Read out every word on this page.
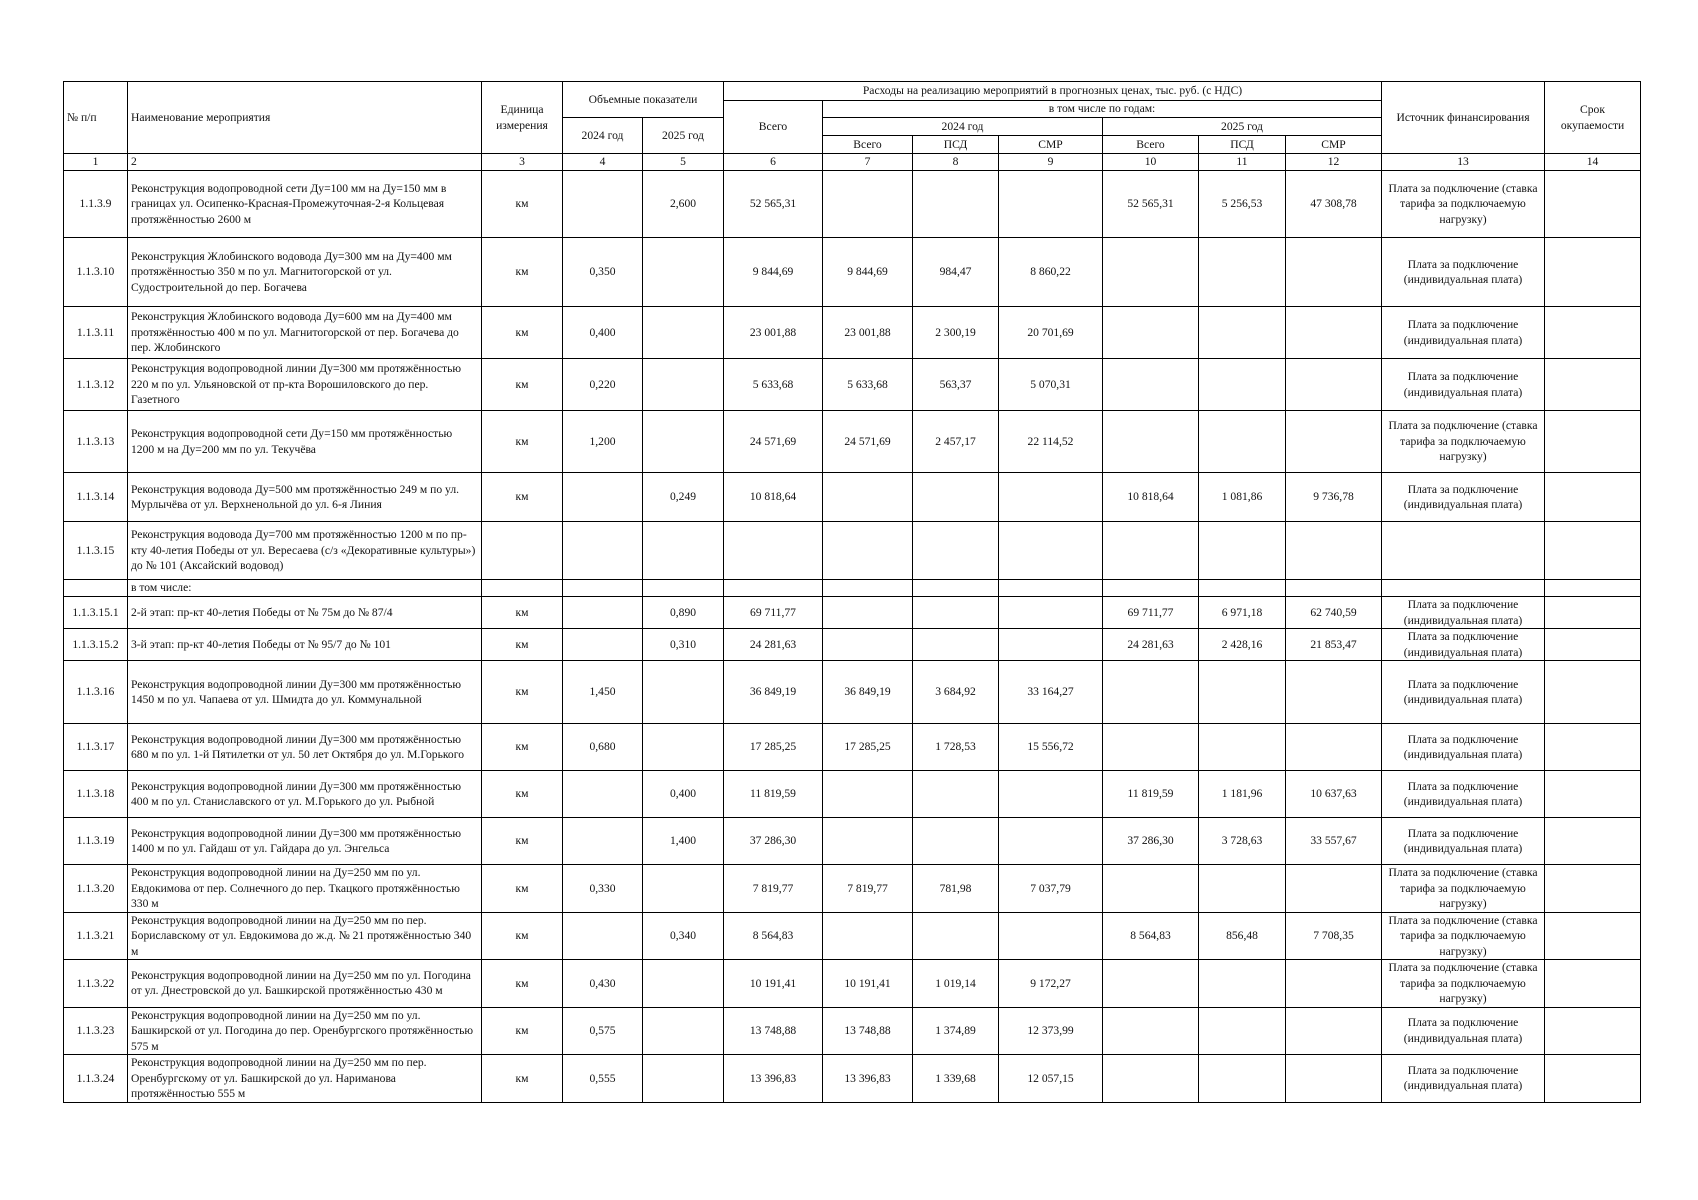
№ п/п	Наименование мероприятия	Единица измерения	Объемные показатели		Расходы на реализацию мероприятий в прогнозных ценах, тыс. руб. (с НДС)							Источник финансирования	Срок окупаемости
					Всего	в том числе по годам:							
			2024 год	2025 год		2024 год			2025 год				
						Всего	ПСД	СМР	Всего	ПСД	СМР		
1	2	3	4	5	6	7	8	9	10	11	12	13	14
1.1.3.9	Реконструкция водопроводной сети Ду=100 мм на Ду=150 мм в границах ул. Осипенко-Красная-Промежуточная-2-я Кольцевая протяжённостью 2600 м	км		2,600	52 565,31				52 565,31	5 256,53	47 308,78	Плата за подключение (ставка тарифа за подключаемую нагрузку)	
1.1.3.10	Реконструкция Жлобинского водовода Ду=300 мм на Ду=400 мм протяжённостью 350 м по ул. Магнитогорской от ул. Судостроительной до пер. Богачева	км	0,350		9 844,69	9 844,69	984,47	8 860,22				Плата за подключение (индивидуальная плата)	
1.1.3.11	Реконструкция Жлобинского водовода Ду=600 мм на Ду=400 мм протяжённостью 400 м по ул. Магнитогорской от пер. Богачева до пер. Жлобинского	км	0,400		23 001,88	23 001,88	2 300,19	20 701,69				Плата за подключение (индивидуальная плата)	
1.1.3.12	Реконструкция водопроводной линии Ду=300 мм протяжённостью 220 м по ул. Ульяновской от пр-кта Ворошиловского до пер. Газетного	км	0,220		5 633,68	5 633,68	563,37	5 070,31				Плата за подключение (индивидуальная плата)	
1.1.3.13	Реконструкция водопроводной сети Ду=150 мм протяжённостью 1200 м на Ду=200 мм по ул. Текучёва	км	1,200		24 571,69	24 571,69	2 457,17	22 114,52				Плата за подключение (ставка тарифа за подключаемую нагрузку)	
1.1.3.14	Реконструкция водовода Ду=500 мм протяжённостью 249 м по ул. Мурлычёва от ул. Верхненольной до ул. 6-я Линия	км		0,249	10 818,64				10 818,64	1 081,86	9 736,78	Плата за подключение (индивидуальная плата)	
1.1.3.15	Реконструкция водовода Ду=700 мм протяжённостью 1200 м по пр-кту 40-летия Победы от ул. Вересаева (с/з «Декоративные культуры») до № 101 (Аксайский водовод)												
	в том числе:												
1.1.3.15.1	2-й этап: пр-кт 40-летия Победы от № 75м до № 87/4	км		0,890	69 711,77				69 711,77	6 971,18	62 740,59	Плата за подключение (индивидуальная плата)	
1.1.3.15.2	3-й этап: пр-кт 40-летия Победы от № 95/7 до № 101	км		0,310	24 281,63				24 281,63	2 428,16	21 853,47	Плата за подключение (индивидуальная плата)	
1.1.3.16	Реконструкция водопроводной линии Ду=300 мм протяжённостью 1450 м по ул. Чапаева от ул. Шмидта до ул. Коммунальной	км	1,450		36 849,19	36 849,19	3 684,92	33 164,27				Плата за подключение (индивидуальная плата)	
1.1.3.17	Реконструкция водопроводной линии Ду=300 мм протяжённостью 680 м по ул. 1-й Пятилетки от ул. 50 лет Октября до ул. М.Горького	км	0,680		17 285,25	17 285,25	1 728,53	15 556,72				Плата за подключение (индивидуальная плата)	
1.1.3.18	Реконструкция водопроводной линии Ду=300 мм протяжённостью 400 м по ул. Станиславского от ул. М.Горького до ул. Рыбной	км		0,400	11 819,59				11 819,59	1 181,96	10 637,63	Плата за подключение (индивидуальная плата)	
1.1.3.19	Реконструкция водопроводной линии Ду=300 мм протяжённостью 1400 м по ул. Гайдаш от ул. Гайдара до ул. Энгельса	км		1,400	37 286,30				37 286,30	3 728,63	33 557,67	Плата за подключение (индивидуальная плата)	
1.1.3.20	Реконструкция водопроводной линии на Ду=250 мм по ул. Евдокимова от пер. Солнечного до пер. Ткацкого протяжённостью 330 м	км	0,330		7 819,77	7 819,77	781,98	7 037,79				Плата за подключение (ставка тарифа за подключаемую нагрузку)	
1.1.3.21	Реконструкция водопроводной линии на Ду=250 мм по пер. Бориславскому от ул. Евдокимова до ж.д. № 21 протяжённостью 340 м	км		0,340	8 564,83				8 564,83	856,48	7 708,35	Плата за подключение (ставка тарифа за подключаемую нагрузку)	
1.1.3.22	Реконструкция водопроводной линии на Ду=250 мм по ул. Погодина от ул. Днестровской до ул. Башкирской протяжённостью 430 м	км	0,430		10 191,41	10 191,41	1 019,14	9 172,27				Плата за подключение (ставка тарифа за подключаемую нагрузку)	
1.1.3.23	Реконструкция водопроводной линии на Ду=250 мм по ул. Башкирской от ул. Погодина до пер. Оренбургского протяжённостью 575 м	км	0,575		13 748,88	13 748,88	1 374,89	12 373,99				Плата за подключение (индивидуальная плата)	
1.1.3.24	Реконструкция водопроводной линии на Ду=250 мм по пер. Оренбургскому от ул. Башкирской до ул. Нариманова протяжённостью 555 м	км	0,555		13 396,83	13 396,83	1 339,68	12 057,15				Плата за подключение (индивидуальная плата)	
